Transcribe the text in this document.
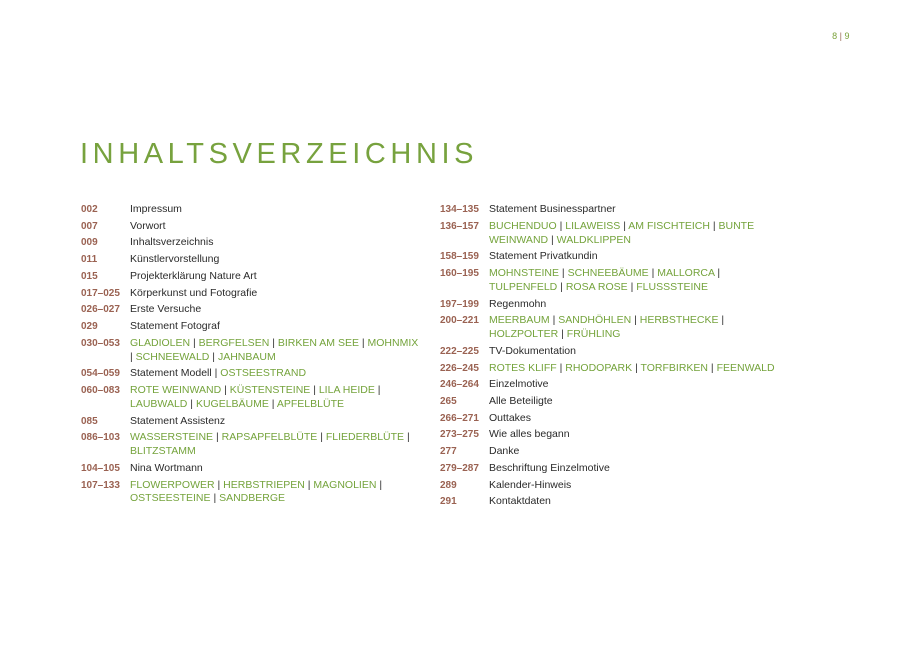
8 | 9
INHALTSVERZEICHNIS
002	Impressum
007	Vorwort
009	Inhaltsverzeichnis
011	Künstlervorstellung
015	Projekterklärung Nature Art
017–025 Körperkunst und Fotografie
026–027 Erste Versuche
029	Statement Fotograf
030–053 GLADIOLEN | BERGFELSEN | BIRKEN AM SEE | MOHNMIX | SCHNEEWALD | JAHNBAUM
054–059 Statement Modell | OSTSEESTRAND
060–083 ROTE WEINWAND | KÜSTENSTEINE | LILA HEIDE | LAUBWALD | KUGELBÄUME | APFELBLÜTE
085	Statement Assistenz
086–103 WASSERSTEINE | RAPSAPFELBLÜTE | FLIEDERBLÜTE | BLITZSTAMM
104–105 Nina Wortmann
107–133 FLOWERPOWER | HERBSTRIEPEN | MAGNOLIEN | OSTSEESTEINE | SANDBERGE
134–135 Statement Businesspartner
136–157 BUCHENDUO | LILAWEISS | AM FISCHTEICH | BUNTE WEINWAND | WALDKLIPPEN
158–159 Statement Privatkundin
160–195 MOHNSTEINE | SCHNEEBÄUME | MALLORCA | TULPENFELD | ROSA ROSE | FLUSSSTEINE
197–199 Regenmohn
200–221 MEERBAUM | SANDHÖHLEN | HERBSTHECKE | HOLZPOLTER | FRÜHLING
222–225 TV-Dokumentation
226–245 ROTES KLIFF | RHODOPARK | TORFBIRKEN | FEENWALD
246–264 Einzelmotive
265	Alle Beteiligte
266–271 Outtakes
273–275 Wie alles begann
277	Danke
279–287 Beschriftung Einzelmotive
289	Kalender-Hinweis
291	Kontaktdaten
